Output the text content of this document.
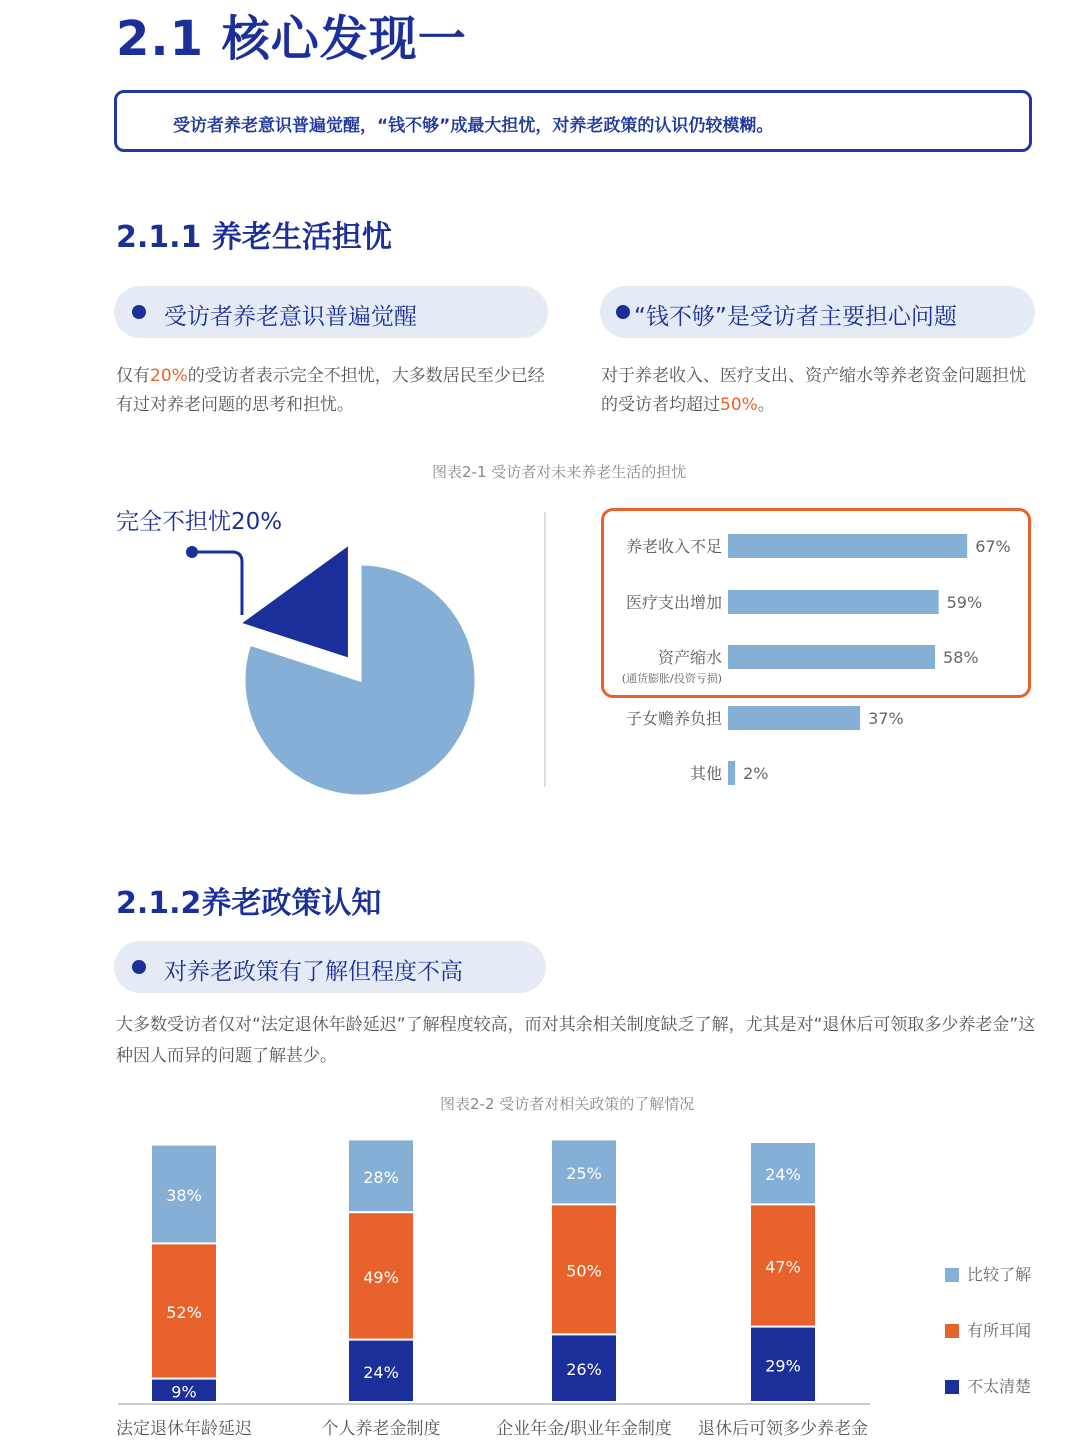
2.1 核心发现一
受访者养老意识普遍觉醒，“钱不够”成最大担忧，对养老政策的认识仍较模糊。
2.1.1 养老生活担忧
受访者养老意识普遍觉醒	“钱不够”是受访者主要担心问题
仅有20%的受访者表示完全不担忧，大多数居民至少已经有过对养老问题的思考和担忧。
对于养老收入、医疗支出、资产缩水等养老资金问题担忧的受访者均超过50%。
图表2-1 受访者对未来养老生活的担忧
完全不担忧20%
养老收入不足	67%
医疗支出增加	59%
资产缩水
(通货膨胀/投资亏损)
58%
子女赡养负担	37%
其他 2%
2.1.2养老政策认知
对养老政策有了解但程度不高
大多数受访者仅对“法定退休年龄延迟”了解程度较高，而对其余相关制度缺乏了解，尤其是对“退休后可领取多少养老金”这种因人而异的问题了解甚少。
图表2-2 受访者对相关政策的了解情况
9%
52%
38%
法定退休年龄延迟
24%
49%
28%
个人养老金制度
26%
50%
25%
企业年金/职业年金制度
29%
47%
24%
退休后可领多少养老金
比较了解
有所耳闻
不太清楚
